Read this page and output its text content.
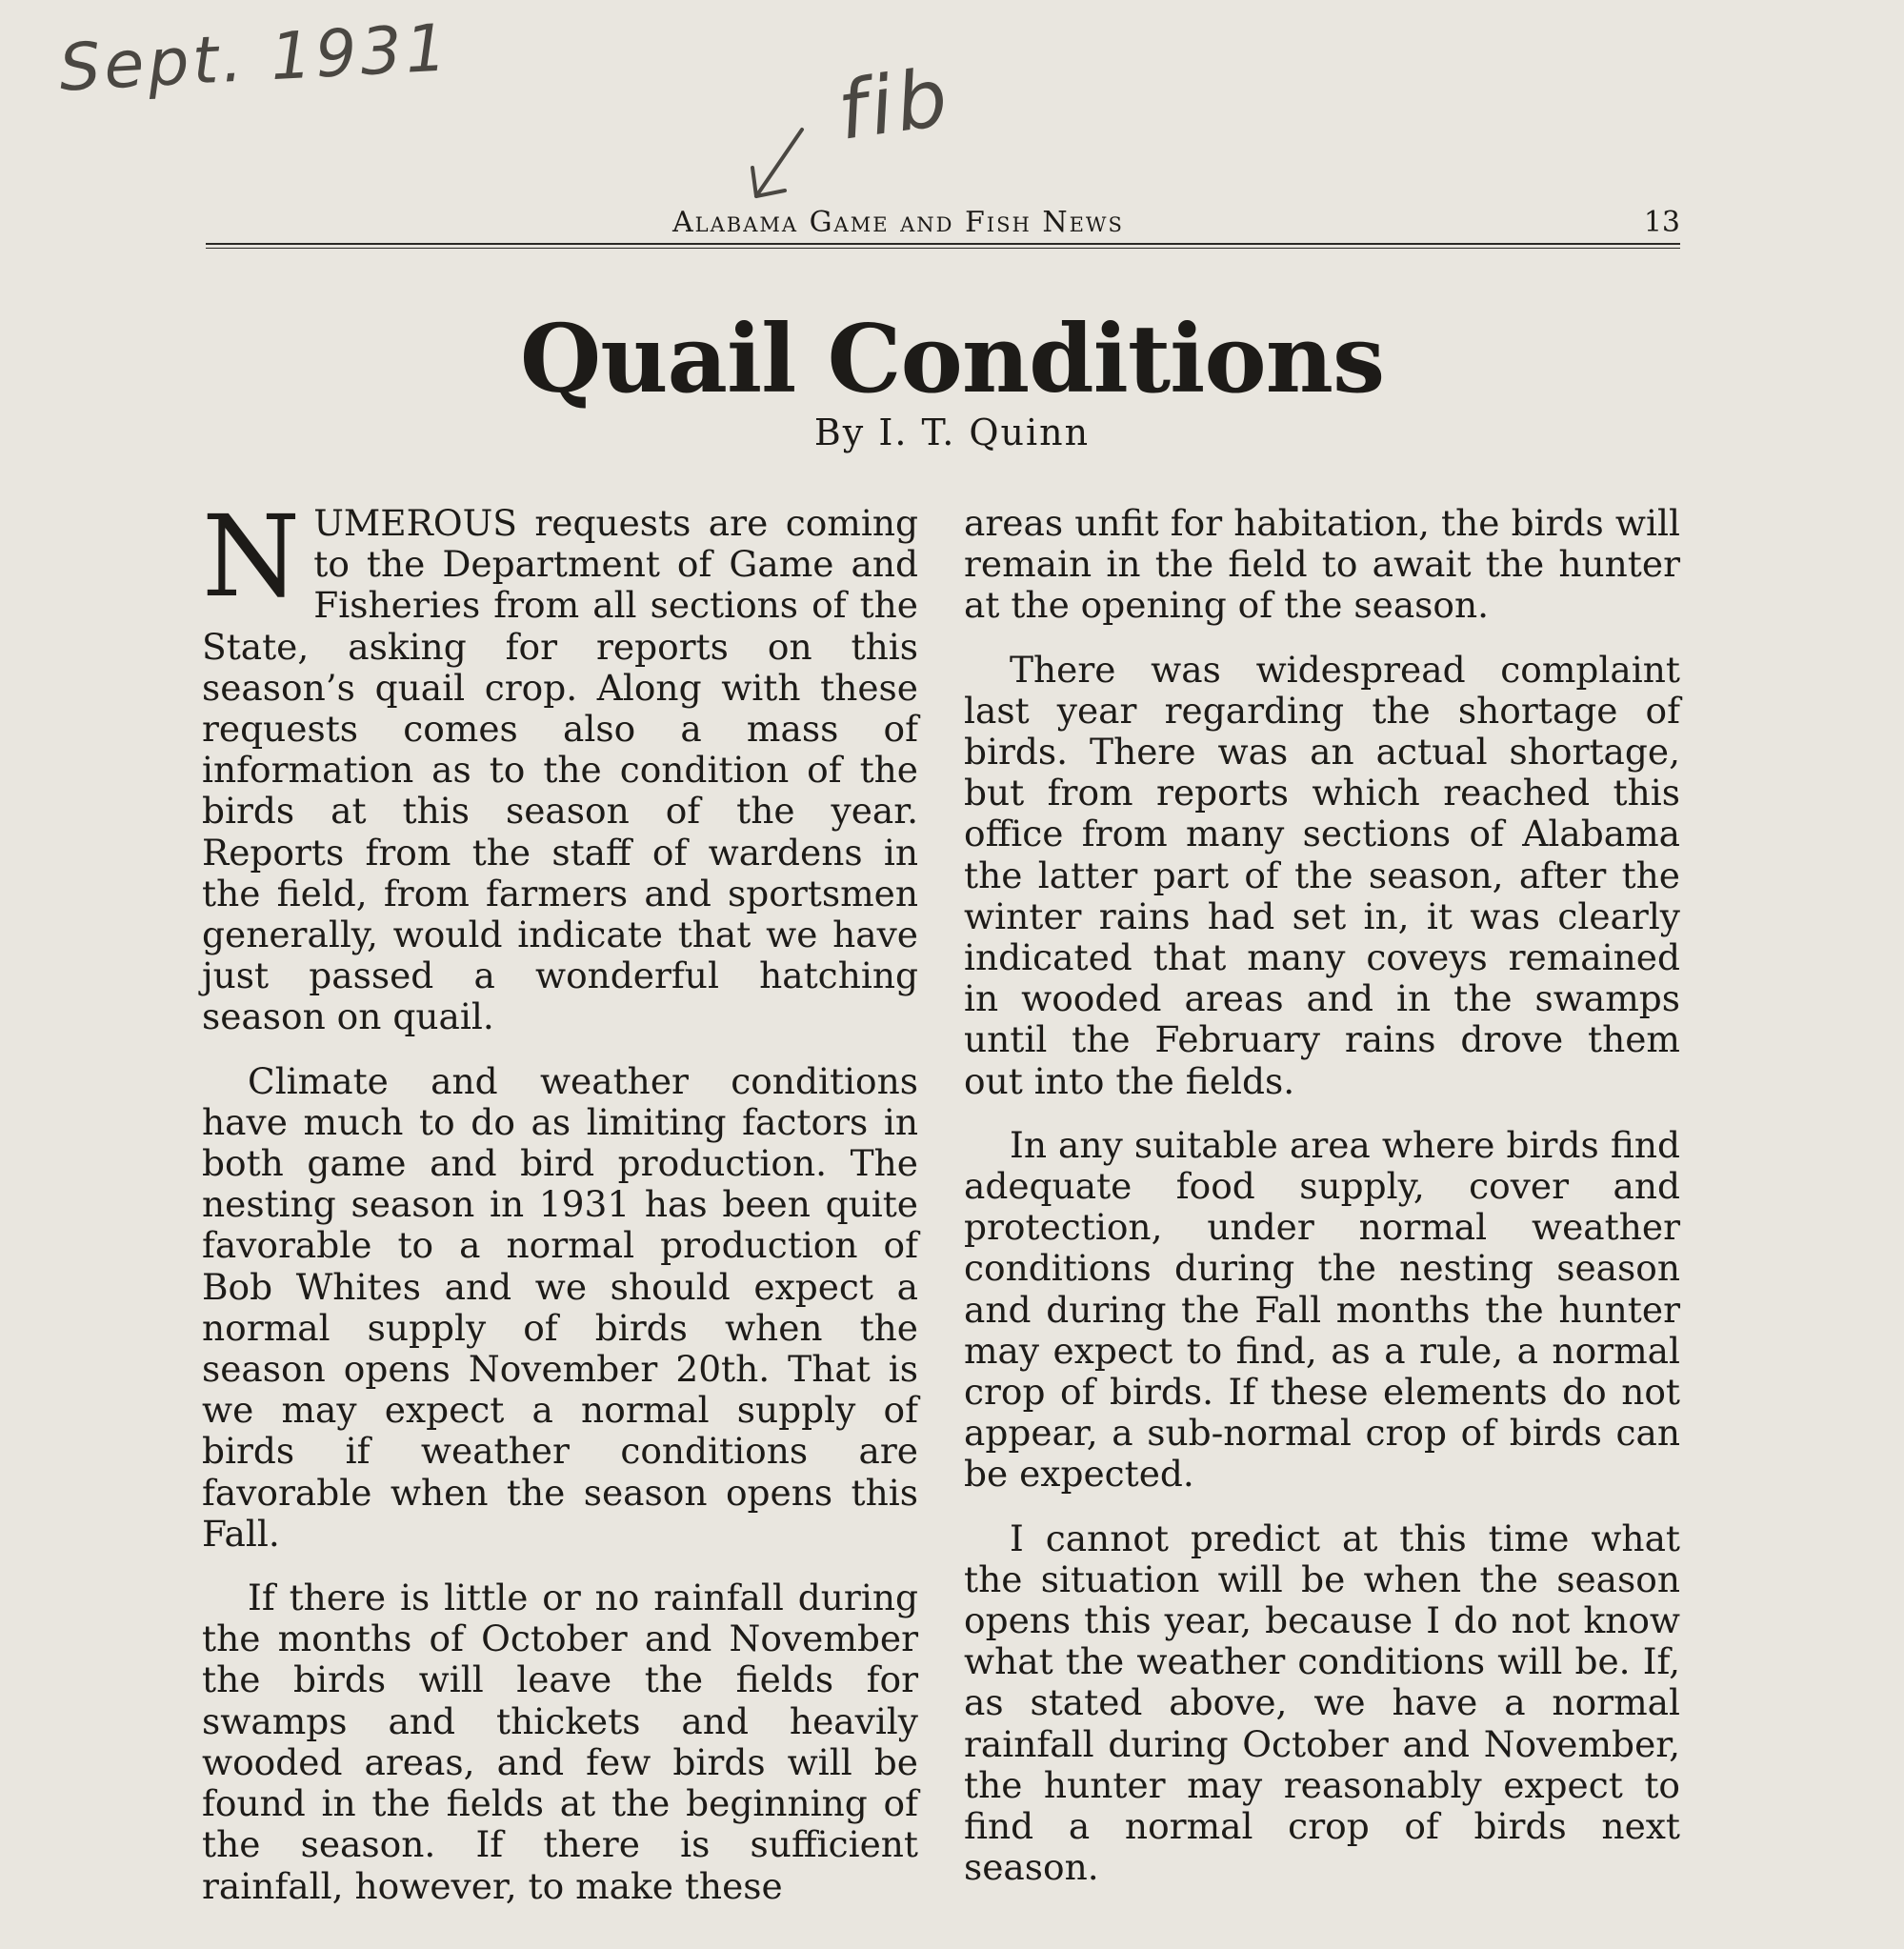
Sept. 1931	fib
Alabama Game and Fish News	13
Quail Conditions
By I. T. Quinn

NUMEROUS requests are coming to the Department of Game and Fisheries from all sections of the State, asking for reports on this season’s quail crop. Along with these requests comes also a mass of information as to the condition of the birds at this season of the year. Reports from the staff of wardens in the field, from farmers and sportsmen generally, would indicate that we have just passed a wonderful hatching season on quail.

Climate and weather conditions have much to do as limiting factors in both game and bird production. The nesting season in 1931 has been quite favorable to a normal production of Bob Whites and we should expect a normal supply of birds when the season opens November 20th. That is we may expect a normal supply of birds if weather conditions are favorable when the season opens this Fall.

If there is little or no rainfall during the months of October and November the birds will leave the fields for swamps and thickets and heavily wooded areas, and few birds will be found in the fields at the beginning of the season. If there is sufficient rainfall, however, to make these

areas unfit for habitation, the birds will remain in the field to await the hunter at the opening of the season.

There was widespread complaint last year regarding the shortage of birds. There was an actual shortage, but from reports which reached this office from many sections of Alabama the latter part of the season, after the winter rains had set in, it was clearly indicated that many coveys remained in wooded areas and in the swamps until the February rains drove them out into the fields.

In any suitable area where birds find adequate food supply, cover and protection, under normal weather conditions during the nesting season and during the Fall months the hunter may expect to find, as a rule, a normal crop of birds. If these elements do not appear, a sub-normal crop of birds can be expected.

I cannot predict at this time what the situation will be when the season opens this year, because I do not know what the weather conditions will be. If, as stated above, we have a normal rainfall during October and November, the hunter may reasonably expect to find a normal crop of birds next season.
